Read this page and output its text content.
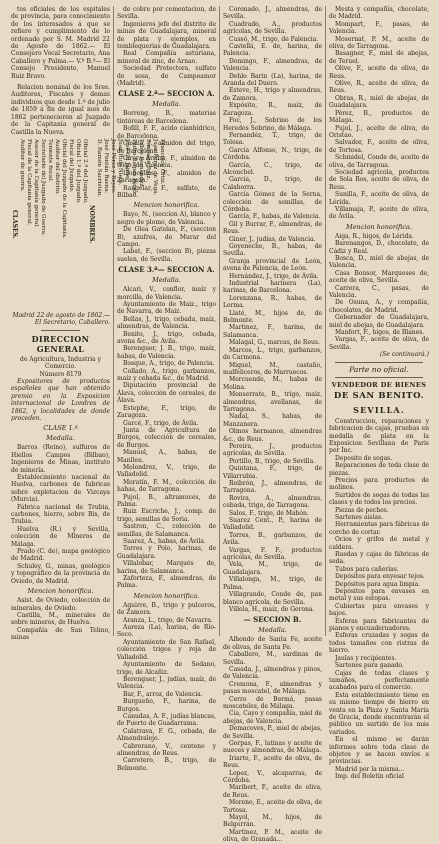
tos oficiales de los espitales de provincia, para conocimiento de los interesados á que se refiere y cumplimiento de lo ordenado por S. M. Madrid 22 de Agosto de 1862.— El Consejero Vocal Secretario, Ana Caballero y Palma.— V.º B.º— El Consejo Presidente, Manuel Ruiz Bravo.

Relacion nominal de los Sres. Auditores, Fiscales y demas individuos que desde 1.º de julio de 1859 á fin de igual mes de 1862 pertenecieron al Juzgado de la Capitanía general de Castilla la Nueva.

CLASES.
Auditor de guerra. Fiscal de la Capitanía general. Asesor de la Capitanía general. Secretario del Juzgado de Guerra. Teniente fiscal. Auditor del distrito. Oficial del Juzgado de la Capitanía. Fiscal del Juzgado. Oficial 1.º del Juzgado. Oficial 2.º del Juzgado.
NOMBRES.
D. Ramón Sacristán. José Fontán Baena. José Pérez y Reyes. Juan Ruiz Nieto. José Gil Jaime. Pedro Ramos Pérez. Pablo Fernández. Santiago Ruiz. Juan Pérez de Vega. Francisco Ortiz.

Madrid 22 de agosto de 1862.—El Secretario, Caballero.

DIRECCION GENERAL

de Agricultura, Industria y Comercio.

Número 8179

Expositores de productos españoles que han obtenido premio en la Exposicion internacional de Londres de 1862, y localidades de donde proceden.

CLASE 1.ª
Medalla.

Barros (Reino), sulfuros de Hiellos Campos (Bilbao), Ingenieros de Minas, instituto de minería.

Establecimiento nacional de Huelva, carbones de fabricas sobre explotacion de Vizcaya (Murcia).

Fábrica nacional de Trubia, carbones, hierro, sobre Bis, de Trubia.

Huelva (R.) y Sevilla, colección de Mineros de Málaga.

Prado (C. de), mapa geológico de Madrid.

Schuley, G., minas, geológico y topográfico de la provincia de Oviedo, de Madrid.

Mencion honorífica.

Asist. de Oviedo, colección de minerales, de Oviedo.

Castilla, M., minerales de sobre mineros, de Huelva.

Compañía de San Telmo, minas

de cobre por cementacion, de Sevilla.

Ingenieros jefe del distrito de minas de Guadalajara, mineral de plata y ejemplos, en temblequerias de Guadalajara.

Real Compañía asturiana, mineral de zinc, de Arnao.

Sociedad Protectora, sulfato de sosa, de Campoamor (Madrid).

CLASE 2.ª— SECCION A.
Medalla.

Borreng, B., materias tintóreas de Barcelona.

Bofill, F. F., ácido cianhídrico, de Barcelona.

Casals, J., almidon del trigo, de Barcelona.

Cirera Arriba, F., almidon de trigo, de Valencia.

Llonoellos, F., almidon de Zaragoza.

Rangelar, F., sulfato, de Bilbao.

Mencion honorífica.

Bayo, N., (seccion A), blanco y negro de plomo, de Valencia.

De Olea Gatelan, F., (seccion B), azufres, de Murar del Campo.

Labat, F., (seccion B), piezas suelen, de Sevilla.

CLASE 3.ª— SECCION A.
Medalla.

Alcari, V., conflor, maíz y morcilla, de Valencia.

Ayuntamiento de Maiz., trigo de Navarra, de Maiz.

Bellas, J., trigo, cebada, maíz, almendras, de Valencia.

Benito, J., trigo, cebada, avena &c., de Ávila.

Berenguer, J. B., trigo, maíz, habas, de Valencia.

Bosque, A., trigo, de Palencia.

Collado, A., trigo, garbanzos, maíz y cebada &c., de Madrid.

Diputación provincial de Álava, colección de cereales, de Álava.

Estephe, F., trigo, de Zaragoza.

Garcé, F., trigo, de Ávila.

Junta de Agricultura de Burgos, colección de cereales, de Burgos.

Manuel, A., habas, de Manlleu.

Melendrez, V., trigo, de Valladolid.

Moratín, F. M., colección de habas, de Tarragona.

Pujol, B., altramuces, de Palma.

Ruiz Escriche, J., comp. de trigo, semillas de Soria.

Sastron, C., colección de semillas, de Salamanca.

Suarez, A., habas, de Ávila.

Torres y Polo, harinas, de Guadalajara.

Villalobar, Marqués de, harina, de Salamanca.

Zaforteza, F., almendras, de Palma.

Mencion honorífica.

Aguirre, B., trigo y pulceros, de Zamora.

Aranza, L., trigo, de Navarra.

Aureza (La), harina, de Río-Seco.

Ayuntamiento de San Rafael, colección trigos y roja de Valladolid.

Ayuntamiento de Sedano, trigo, de Alcañiz.

Berenguer, J., judías, maíz, de Valencia.

Bar, F., arroz, de Valencia.

Burgueño, F., harina, de Burgos.

Canudas, A. F., judías blancas, de Puerto de Guadarrama.

Calatrava, F. G., cebada, de Almendralejo.

Cabrerano, V., centeno y almendras, de Reus.

Carretero, B., trigo, de Belmonte.

Coronado, J., almendras, de Sevilla.

Cuadrado, A., productos agrícolas, de Sevilla.

Cussó, M., trigo, de Palencia.

Castellá, E. de, harina, de Palencia.

Domingo, F., almendras, de Valencia.

Dehlo Barin (La), harina, de Aranda del Duero.

Esteve, H., trigo y almendras, de Zamora.

Expósito, R., maíz, de Zaragoza.

Foc, J., Sobrino de los Heredes Sobrino, de Málaga.

Fernandéz, T., trigo, de Tolosa.

García Alfonso, N., trigo, de Córdoba.

García, C., trigo, de Alconchel.

García, D., trigo, de Calahorra.

García Gómez de la Serna, colección de semillas, de Córdoba.

García, F., habas, de Valencia.

Gil y Burrar, F., almendras, de Reus.

Giner, J., judías, de Valencia.

Goyeneche, B., habas, de Sevilla.

Granja provincial de León, avena de Palencia, de León.

Hernández, J., trigo, de Ávila.

Industrial harinera (La), harinas, de Barcelona.

Lorenzana, R., habas, de Lerma.

Llaté, M., hijos de, de Belmonte.

Martinez, F., harina, de Salamanca.

Malagal, G., marcas, de Reus.

Marcos, L., trigo, garbanzos, de Carmona.

Miguel, M., castaño, malfeliceros, de Marruecos.

Morcuende, M., habas de Molina.

Monserrate, B., trigo, maíz, almendras, avellanas, de Tarragona.

Nadal, S., habas, de Manzanera.

Olmos hermanos, almendras &c., de Reus.

Pereira, J., productos agrícolas, de Sevilla.

Portillo, B., trigo, de Sevilla.

Quintana, F., trigo, de Villarrubia.

Roibrón, J., almendras, de Tarragona.

Rovira, A., almendras, cebada, trigo, de Tarragona.

Salos, F., trigo, de Mahón.

Suarez Cent., P., harina de Valladolid.

Torres, B., garbanzos, de Ávila.

Vargas, F. F., productos agrícolas, de Sevilla.

Vela, M., trigo, de Guadalajara.

Villalonga, M., trigo, de Palma.

Villagrande, Conde de, pan blanco agrícola, de Sevilla.

Villela, H., maíz, de Gerona.

— SECCION B.
Medalla.

Alhondo de Santa Fe, aceite de olivas, de Santa Fe.

Caballero, M., sardinas de Sevilla.

Casada, J., almendras y pinos, de Valencia.

Cremona, F., almendras y pasas moscatel, de Málaga.

Cerro de Bermá, pasas moscateles, de Málaga.

Cia, Cayo y compañía, miel de abejas, de Valencia.

Demacoves, P., miel de abejas, de Sevilla.

Gorpas, F., latinas y aceite de nueces y almendras, de Málaga.

Iriarte, F., aceite de oliva, de Reus.

Lopez, V., alcaparras, de Córdoba.

Maribert, F., aceite de oliva, de Reus.

Moreno, E., aceite de oliva, de Tortosa.

Mayol, M., hijos, de Belgorrán.

Martinez, P. M., aceite de oliva, de Granada...

Mesta y compañía, chocolate, de Madrid.

Mompart, F., pasas, de Valencia.

Mosernat, P. M., aceite de oliva, de Tarragona.

Basagner, F., miel de abejas, de Teruel.

Olive, F., aceite de oliva, de Reus.

Olive, R., aceite de oliva, de Reus.

Obras, R., miel de abejas, de Guadalajara.

Pérez, B., productos de Málaga.

Pujol, J., aceite de oliva, de Oristao.

Salvador, F., aceite de oliva, de Tortosa.

Schmidel, Conde de, aceite de oliva, de Tarragona.

Sociedad agrícola, productos de Sola Ros, aceite de oliva, de Reus.

Sunilla, F., aceite de oliva, de Lérida.

Villamaja, P., aceite de oliva, de Ávila.

Mencion honorífica.

Aiga, R., higos, de Lérida.

Barenangos, D., chocolate, de Cádiz y Real.

Bosca, D., miel de abejas, de Valencia.

Casa Bonsor, Marqueses de, aceite de oliva, Sevilla.

Carrera, C., pasas, de Valencia.

De Osuna, A., y compañía, chocolates, de Madrid.

Gobernador de Guadalajara, miel de abejas, de Guadalajara.

Manfort, F., higos, de Blanes.

Vargas, F., aceite de oliva, de Sevilla.

(Se continuará.)

Parte no oficial.
VENDEDOR DE BIENES
DE SAN BENITO.
SEVILLA.

Construccion, reparaciones y fabricacion de cajas, pruebas en medalla de plata en la Exposicion Sevillana de Paris por Ínc.

Deposito de sogas.

Reparaciones de toda clase de piezas.

Precios para productos de molinos.

Surtidos de sogas de todas las clases y de todos los precios.

Piezas de pechos.

Sartenes aislas.

Herramientas para fábricas de corcho de cortar.

Ocios y grifos de metal y caldera.

Ruedas y cajas de fábricas de seda.

Tubos para cañerías.

Depósitos para enyesar tejos.

Depósitos para agua limpia.

Depósitos para envases en metal y sus estopas.

Cubiertas para envases y bajos.

Esferas para fabricantes de pianos y encuadernadores.

Esferas cruzadas y sogas de todos tamaños con ristras de hierro.

Jaulas y recipientes.

Sartenes para ganado.

Cajas de todas clases y tamaños, perfectamente acabados para el comercio.

Esta establecimiento tiene en su mismo tiempo de hierro en venta en la Plaza y Santa María de Gracia, donde encontrarán el público un surtido de los más variados.

En el mismo se darán informes sobre toda clase de objetos y se hacen envíos a provincias.

Madrid por la misma...

Imp. del Boletín oficial
